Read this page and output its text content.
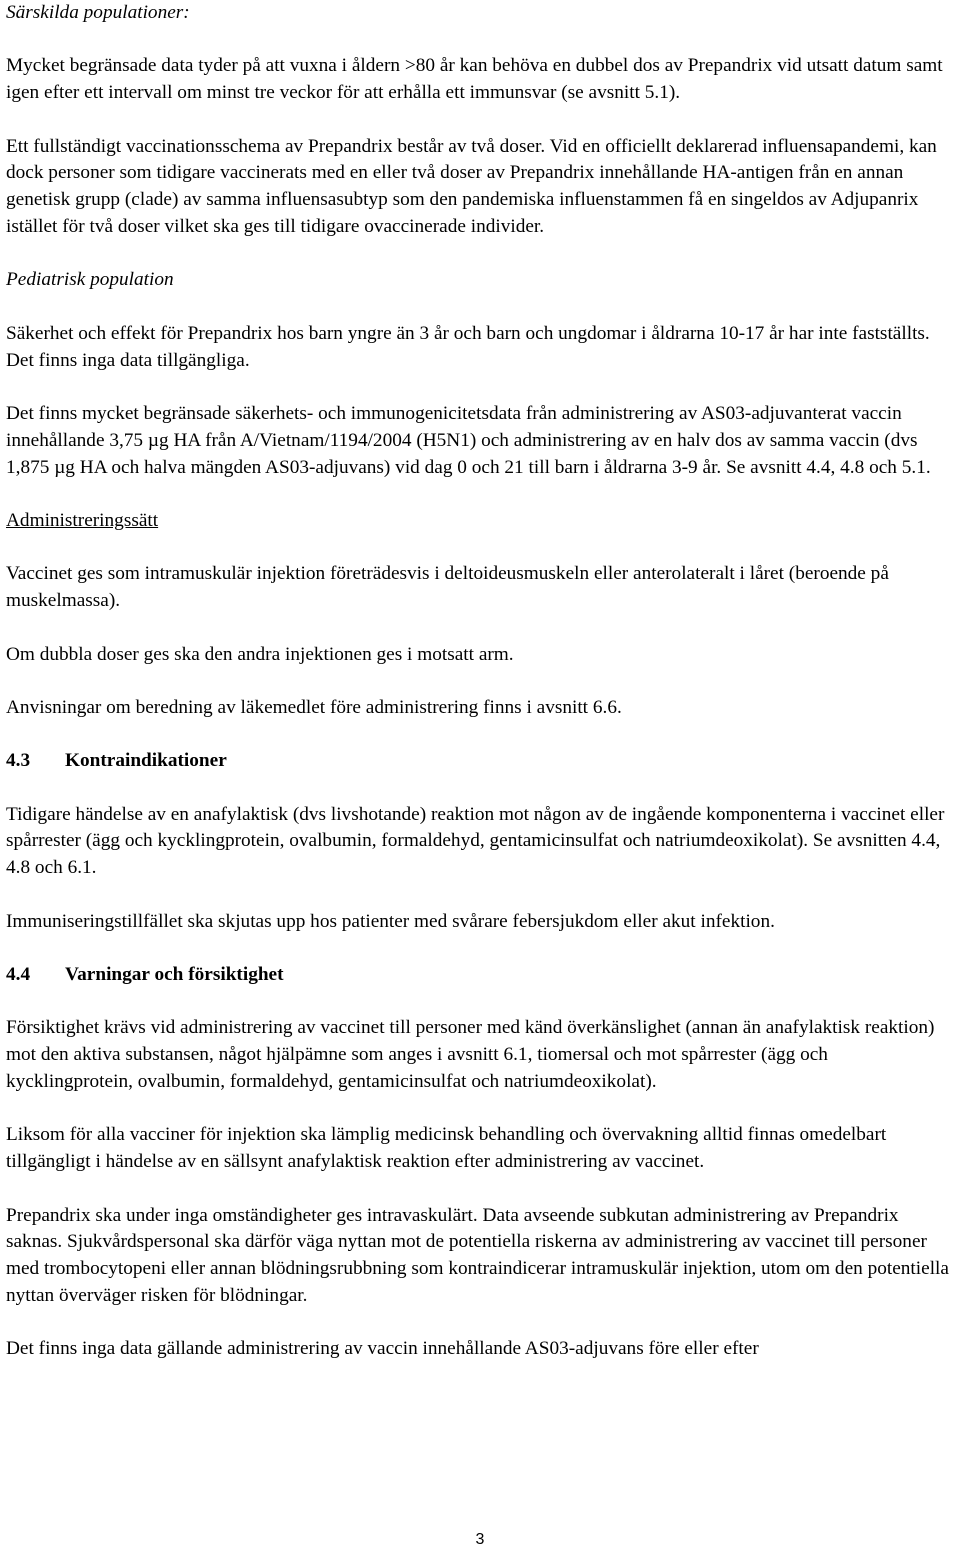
Särskilda populationer:

Mycket begränsade data tyder på att vuxna i åldern >80 år kan behöva en dubbel dos av Prepandrix vid utsatt datum samt igen efter ett intervall om minst tre veckor för att erhålla ett immunsvar (se avsnitt 5.1).

Ett fullständigt vaccinationsschema av Prepandrix består av två doser. Vid en officiellt deklarerad influensapandemi, kan dock personer som tidigare vaccinerats med en eller två doser av Prepandrix innehållande HA-antigen från en annan genetisk grupp (clade) av samma influensasubtyp som den pandemiska influenstammen få en singeldos av Adjupanrix istället för två doser vilket ska ges till tidigare ovaccinerade individer.

Pediatrisk population

Säkerhet och effekt för Prepandrix hos barn yngre än 3 år och barn och ungdomar i åldrarna 10-17 år har inte fastställts. Det finns inga data tillgängliga.

Det finns mycket begränsade säkerhets- och immunogenicitetsdata från administrering av AS03-adjuvanterat vaccin innehållande 3,75 µg HA från A/Vietnam/1194/2004 (H5N1) och administrering av en halv dos av samma vaccin (dvs 1,875 µg HA och halva mängden AS03-adjuvans) vid dag 0 och 21 till barn i åldrarna 3-9 år. Se avsnitt 4.4, 4.8 och 5.1.

Administreringssätt

Vaccinet ges som intramuskulär injektion företrädesvis i deltoideusmuskeln eller anterolateralt i låret (beroende på muskelmassa).

Om dubbla doser ges ska den andra injektionen ges i motsatt arm.

Anvisningar om beredning av läkemedlet före administrering finns i avsnitt 6.6.

4.3 Kontraindikationer

Tidigare händelse av en anafylaktisk (dvs livshotande) reaktion mot någon av de ingående komponenterna i vaccinet eller spårrester (ägg och kycklingprotein, ovalbumin, formaldehyd, gentamicinsulfat och natriumdeoxikolat). Se avsnitten 4.4, 4.8 och 6.1.

Immuniseringstillfället ska skjutas upp hos patienter med svårare febersjukdom eller akut infektion.

4.4 Varningar och försiktighet

Försiktighet krävs vid administrering av vaccinet till personer med känd överkänslighet (annan än anafylaktisk reaktion) mot den aktiva substansen, något hjälpämne som anges i avsnitt 6.1, tiomersal och mot spårrester (ägg och kycklingprotein, ovalbumin, formaldehyd, gentamicinsulfat och natriumdeoxikolat).

Liksom för alla vacciner för injektion ska lämplig medicinsk behandling och övervakning alltid finnas omedelbart tillgängligt i händelse av en sällsynt anafylaktisk reaktion efter administrering av vaccinet.

Prepandrix ska under inga omständigheter ges intravaskulärt. Data avseende subkutan administrering av Prepandrix saknas. Sjukvårdspersonal ska därför väga nyttan mot de potentiella riskerna av administrering av vaccinet till personer med trombocytopeni eller annan blödningsrubbning som kontraindicerar intramuskulär injektion, utom om den potentiella nyttan överväger risken för blödningar.

Det finns inga data gällande administrering av vaccin innehållande AS03-adjuvans före eller efter

3
